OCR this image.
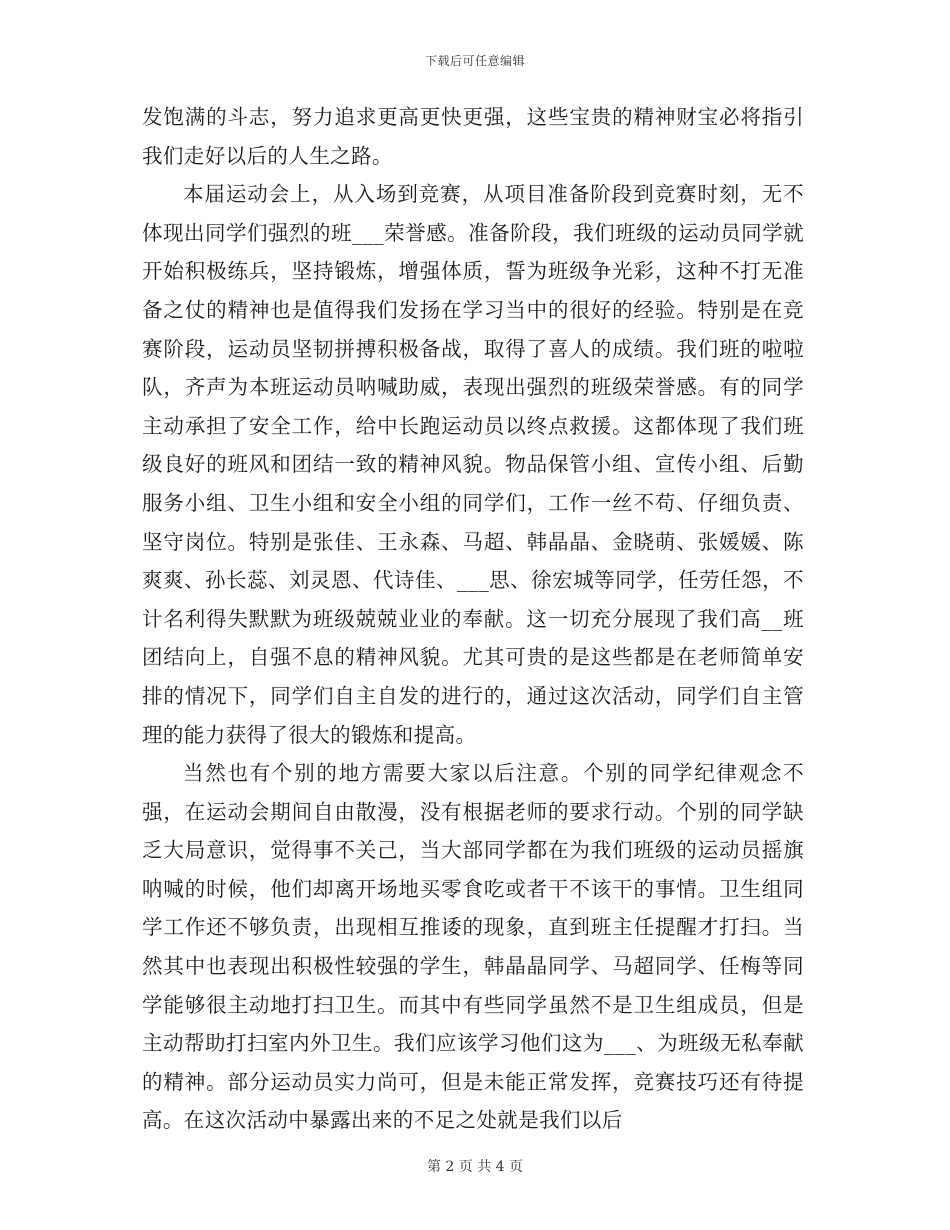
下载后可任意编辑

发饱满的斗志，努力追求更高更快更强，这些宝贵的精神财宝必将指引我们走好以后的人生之路。

本届运动会上，从入场到竞赛，从项目准备阶段到竞赛时刻，无不体现出同学们强烈的班___荣誉感。准备阶段，我们班级的运动员同学就开始积极练兵，坚持锻炼，增强体质，誓为班级争光彩，这种不打无准备之仗的精神也是值得我们发扬在学习当中的很好的经验。特别是在竞赛阶段，运动员坚韧拼搏积极备战，取得了喜人的成绩。我们班的啦啦队，齐声为本班运动员呐喊助威，表现出强烈的班级荣誉感。有的同学主动承担了安全工作，给中长跑运动员以终点救援。这都体现了我们班级良好的班风和团结一致的精神风貌。物品保管小组、宣传小组、后勤服务小组、卫生小组和安全小组的同学们，工作一丝不苟、仔细负责、坚守岗位。特别是张佳、王永森、马超、韩晶晶、金晓萌、张媛媛、陈爽爽、孙长蕊、刘灵恩、代诗佳、___思、徐宏城等同学，任劳任怨，不计名利得失默默为班级兢兢业业的奉献。这一切充分展现了我们高__班团结向上，自强不息的精神风貌。尤其可贵的是这些都是在老师简单安排的情况下，同学们自主自发的进行的，通过这次活动，同学们自主管理的能力获得了很大的锻炼和提高。

当然也有个别的地方需要大家以后注意。个别的同学纪律观念不强，在运动会期间自由散漫，没有根据老师的要求行动。个别的同学缺乏大局意识，觉得事不关己，当大部同学都在为我们班级的运动员摇旗呐喊的时候，他们却离开场地买零食吃或者干不该干的事情。卫生组同学工作还不够负责，出现相互推诿的现象，直到班主任提醒才打扫。当然其中也表现出积极性较强的学生，韩晶晶同学、马超同学、任梅等同学能够很主动地打扫卫生。而其中有些同学虽然不是卫生组成员，但是主动帮助打扫室内外卫生。我们应该学习他们这为___、为班级无私奉献的精神。部分运动员实力尚可，但是未能正常发挥，竞赛技巧还有待提高。在这次活动中暴露出来的不足之处就是我们以后

第 2 页 共 4 页
